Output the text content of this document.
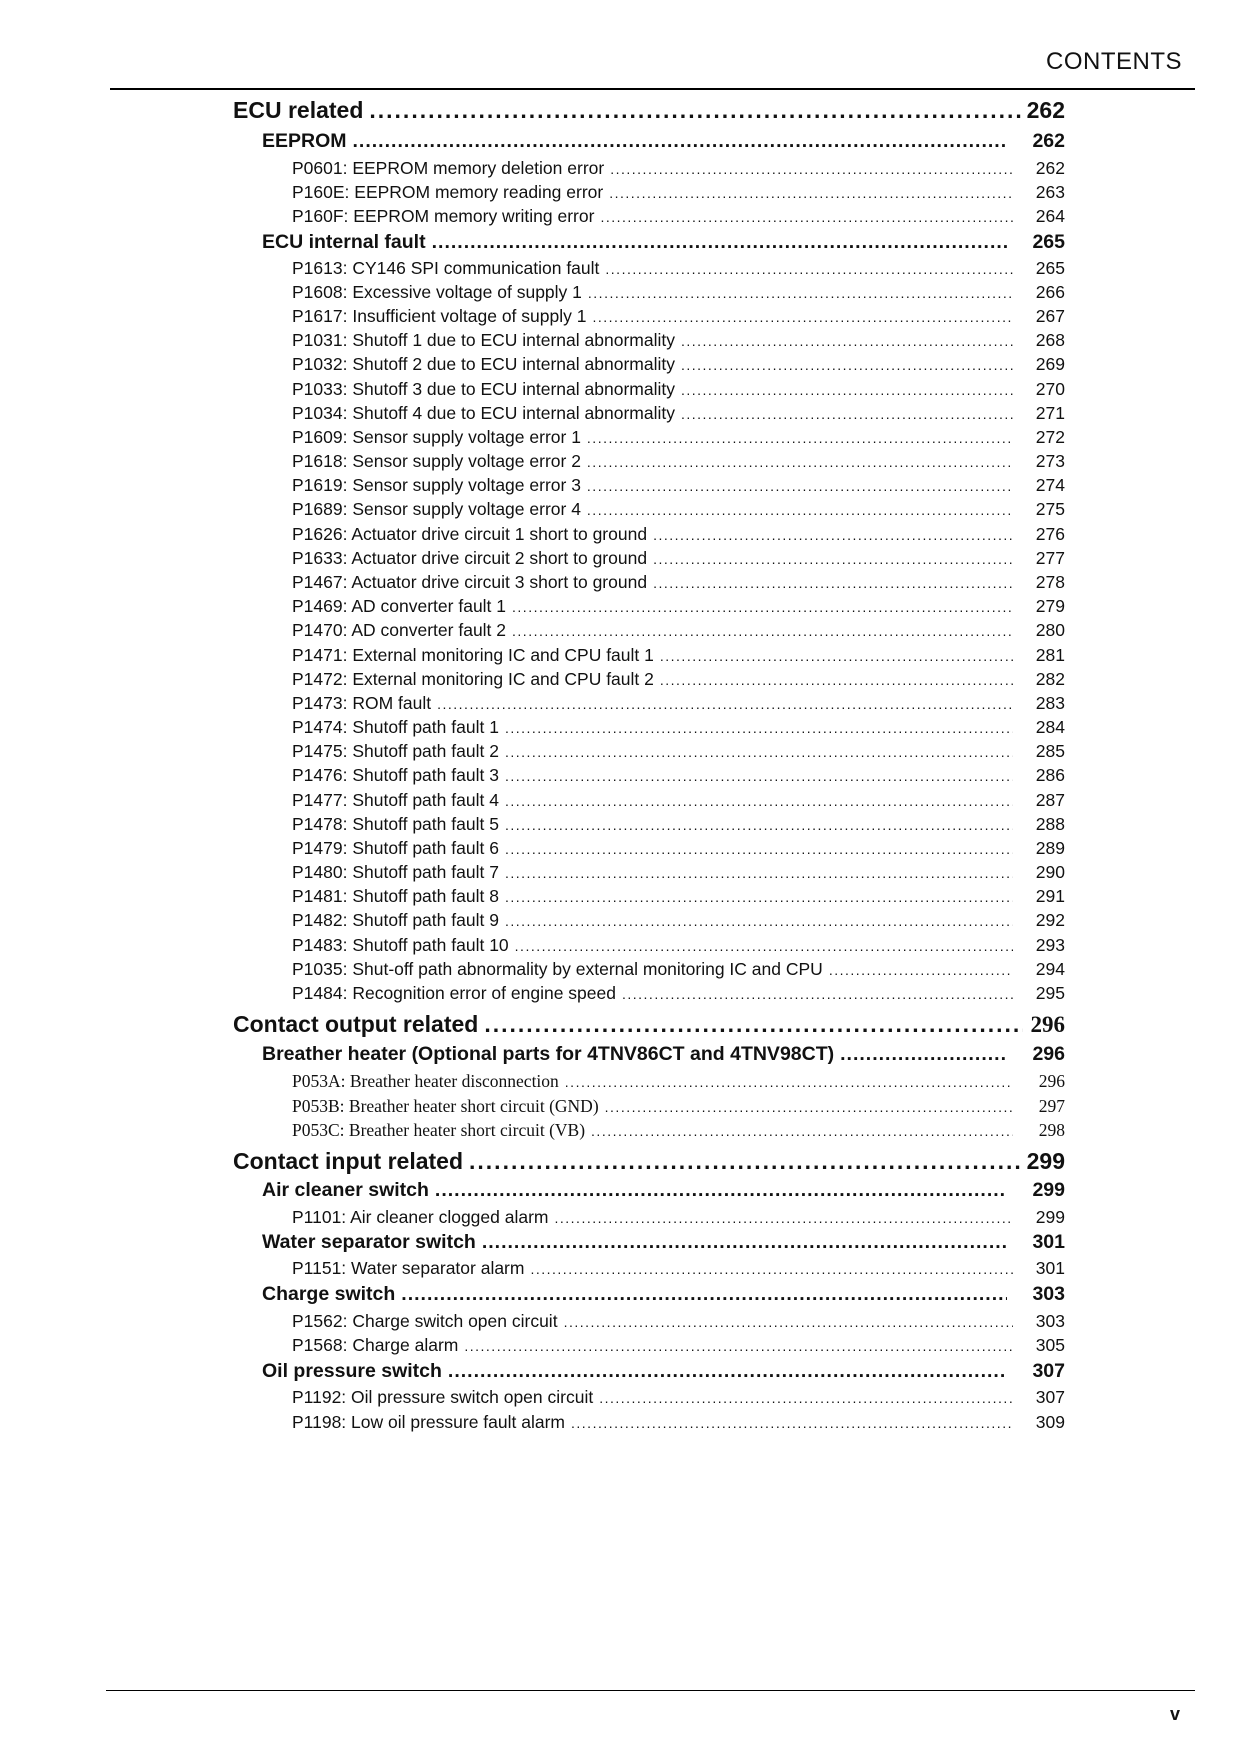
CONTENTS
ECU related .....	262
EEPROM .....	262
P0601: EEPROM memory deletion error .....	262
P160E: EEPROM memory reading error .....	263
P160F: EEPROM memory writing error .....	264
ECU internal fault .....	265
P1613: CY146 SPI communication fault .....	265
P1608: Excessive voltage of supply 1 .....	266
P1617: Insufficient voltage of supply 1 .....	267
P1031: Shutoff 1 due to ECU internal abnormality .....	268
P1032: Shutoff 2 due to ECU internal abnormality .....	269
P1033: Shutoff 3 due to ECU internal abnormality .....	270
P1034: Shutoff 4 due to ECU internal abnormality .....	271
P1609: Sensor supply voltage error 1 .....	272
P1618: Sensor supply voltage error 2 .....	273
P1619: Sensor supply voltage error 3 .....	274
P1689: Sensor supply voltage error 4 .....	275
P1626: Actuator drive circuit 1 short to ground .....	276
P1633: Actuator drive circuit 2 short to ground .....	277
P1467: Actuator drive circuit 3 short to ground .....	278
P1469: AD converter fault 1 .....	279
P1470: AD converter fault 2 .....	280
P1471: External monitoring IC and CPU fault 1 .....	281
P1472: External monitoring IC and CPU fault 2 .....	282
P1473: ROM fault .....	283
P1474: Shutoff path fault 1 .....	284
P1475: Shutoff path fault 2 .....	285
P1476: Shutoff path fault 3 .....	286
P1477: Shutoff path fault 4 .....	287
P1478: Shutoff path fault 5 .....	288
P1479: Shutoff path fault 6 .....	289
P1480: Shutoff path fault 7 .....	290
P1481: Shutoff path fault 8 .....	291
P1482: Shutoff path fault 9 .....	292
P1483: Shutoff path fault 10 .....	293
P1035: Shut-off path abnormality by external monitoring IC and CPU .....	294
P1484: Recognition error of engine speed .....	295
Contact output related .....	296
Breather heater (Optional parts for 4TNV86CT and 4TNV98CT) .....	296
P053A: Breather heater disconnection .....	296
P053B: Breather heater short circuit (GND) .....	297
P053C: Breather heater short circuit (VB) .....	298
Contact input related .....	299
Air cleaner switch .....	299
P1101: Air cleaner clogged alarm .....	299
Water separator switch .....	301
P1151: Water separator alarm .....	301
Charge switch .....	303
P1562: Charge switch open circuit .....	303
P1568: Charge alarm .....	305
Oil pressure switch .....	307
P1192: Oil pressure switch open circuit .....	307
P1198: Low oil pressure fault alarm .....	309
v
